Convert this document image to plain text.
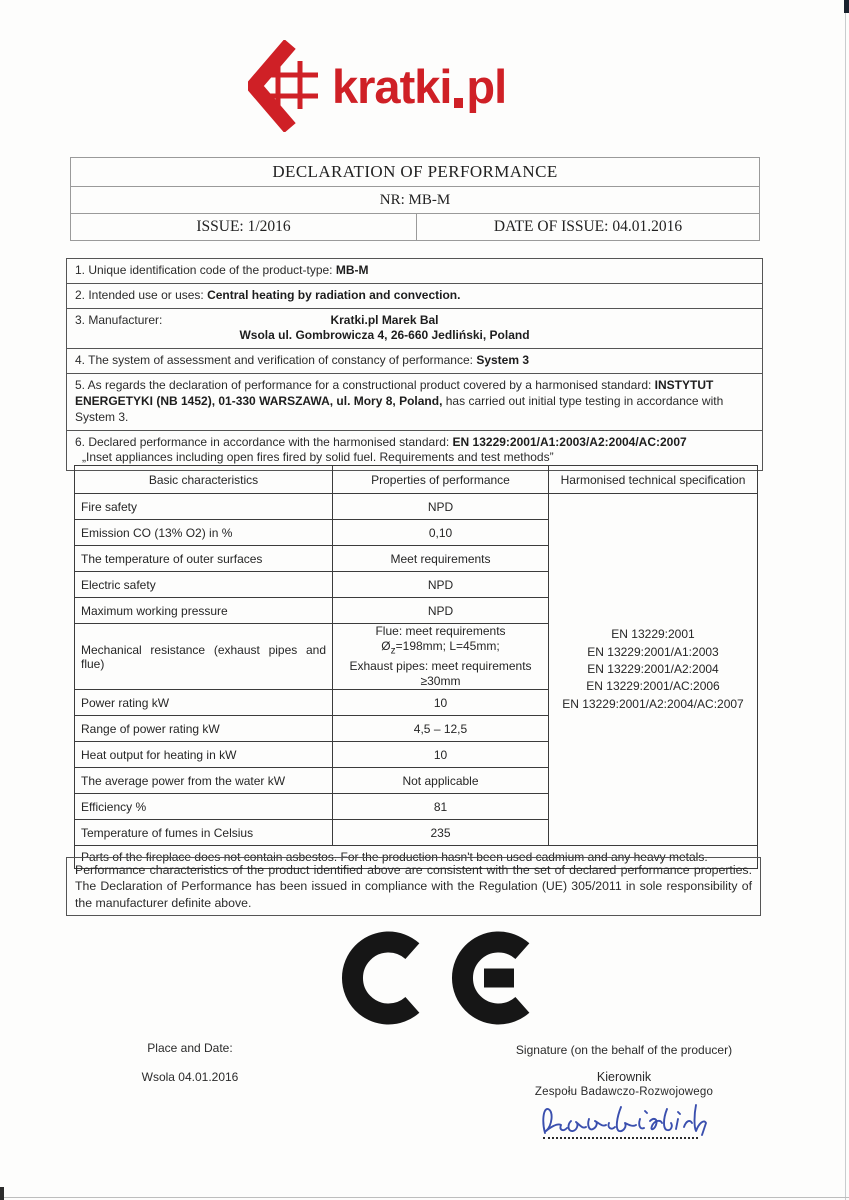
kratki pl
DECLARATION OF PERFORMANCE
NR: MB-M
ISSUE: 1/2016	DATE OF ISSUE: 04.01.2016
1. Unique identification code of the product-type: MB-M
2. Intended use or uses: Central heating by radiation and convection.
3. Manufacturer:	Kratki.pl Marek Bal
Wsola ul. Gombrowicza 4, 26-660 Jedliński, Poland
4. The system of assessment and verification of constancy of performance: System 3
5. As regards the declaration of performance for a constructional product covered by a harmonised standard: INSTYTUT ENERGETYKI (NB 1452), 01-330 WARSZAWA, ul. Mory 8, Poland, has carried out initial type testing in accordance with System 3.
6. Declared performance in accordance with the harmonised standard: EN 13229:2001/A1:2003/A2:2004/AC:2007
„Inset appliances including open fires fired by solid fuel. Requirements and test methods”
Basic characteristics	Properties of performance	Harmonised technical specification
Fire safety	NPD	EN 13229:2001
EN 13229:2001/A1:2003
EN 13229:2001/A2:2004
EN 13229:2001/AC:2006
EN 13229:2001/A2:2004/AC:2007

Emission CO (13% O2) in %	0,10	
The temperature of outer surfaces	Meet requirements	
Electric safety	NPD	
Maximum working pressure	NPD	
Mechanical resistance (exhaust pipes and flue)	Flue: meet requirements
$Ø_z=198mm$; L=45mm;
Exhaust pipes: meet requirements
≥30mm	

Power rating kW	10	
Range of power rating kW	4,5 – 12,5	
Heat output for heating in kW	10	
The average power from the water kW	Not applicable	
Efficiency %	81	
Temperature of fumes in Celsius	235	
Parts of the fireplace does not contain asbestos. For the production hasn't been used cadmium and any heavy metals.		
Performance characteristics of the product identified above are consistent with the set of declared performance properties. The Declaration of Performance has been issued in compliance with the Regulation (UE) 305/2011 in sole responsibility of the manufacturer definite above.
Place and Date:
Wsola 04.01.2016
Signature (on the behalf of the producer)
Kierownik
Zespołu Badawczo-Rozwojowego
